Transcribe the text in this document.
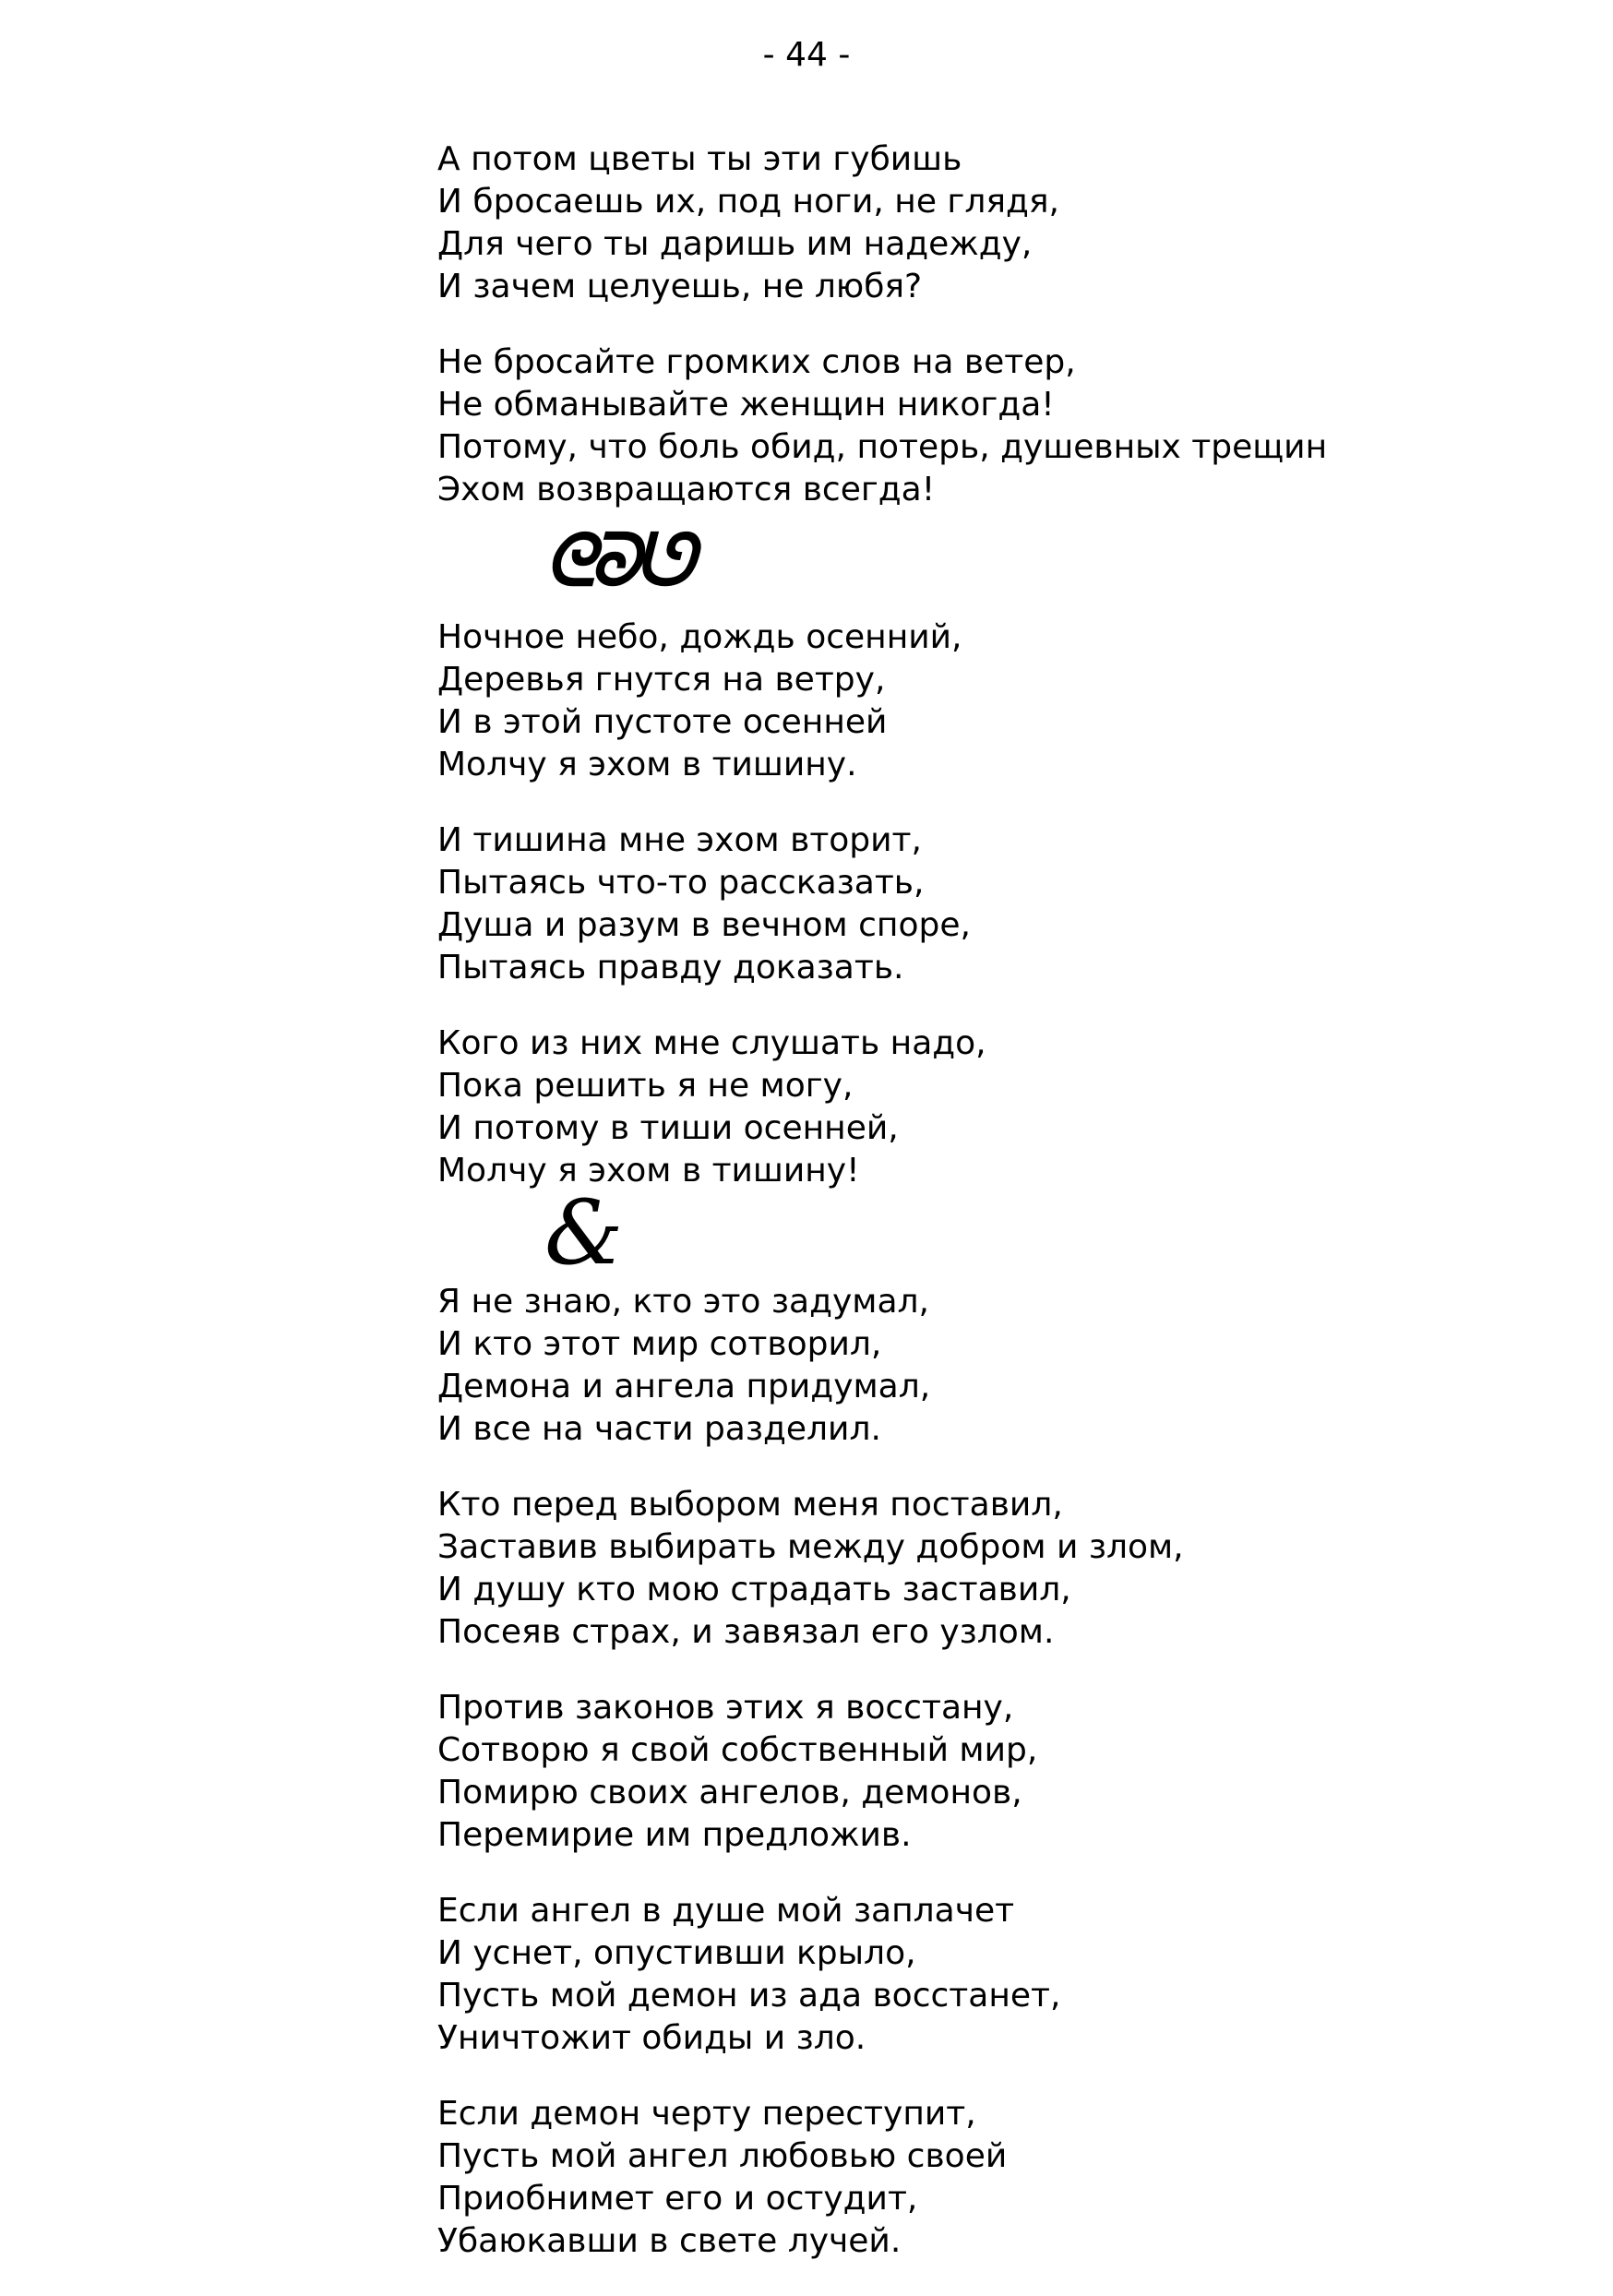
- 44 -
А потом цветы ты эти губишь
И бросаешь их, под ноги, не глядя,
Для чего ты даришь им надежду,
И зачем целуешь, не любя?
Не бросайте громких слов на ветер,
Не обманывайте женщин никогда!
Потому, что боль обид, потерь, душевных трещин
Эхом возвращаются всегда!
ᘓᘐᘎ
Ночное небо, дождь осенний,
Деревья гнутся на ветру,
И в этой пустоте осенней
Молчу я эхом в тишину.
И тишина мне эхом вторит,
Пытаясь что-то рассказать,
Душа и разум в вечном споре,
Пытаясь правду доказать.
Кого из них мне слушать надо,
Пока решить я не могу,
И потому в тиши осенней,
Молчу я эхом в тишину!
&
Я не знаю, кто это задумал,
И кто этот мир сотворил,
Демона и ангела придумал,
И все на части разделил.
Кто перед выбором меня поставил,
Заставив выбирать между добром и злом,
И душу кто мою страдать заставил,
Посеяв страх, и завязал его узлом.
Против законов этих я восстану,
Сотворю я свой собственный мир,
Помирю своих ангелов, демонов,
Перемирие им предложив.
Если ангел в душе мой заплачет
И уснет, опустивши крыло,
Пусть мой демон из ада восстанет,
Уничтожит обиды и зло.
Если демон черту переступит,
Пусть мой ангел любовью своей
Приобнимет его и остудит,
Убаюкавши в свете лучей.
